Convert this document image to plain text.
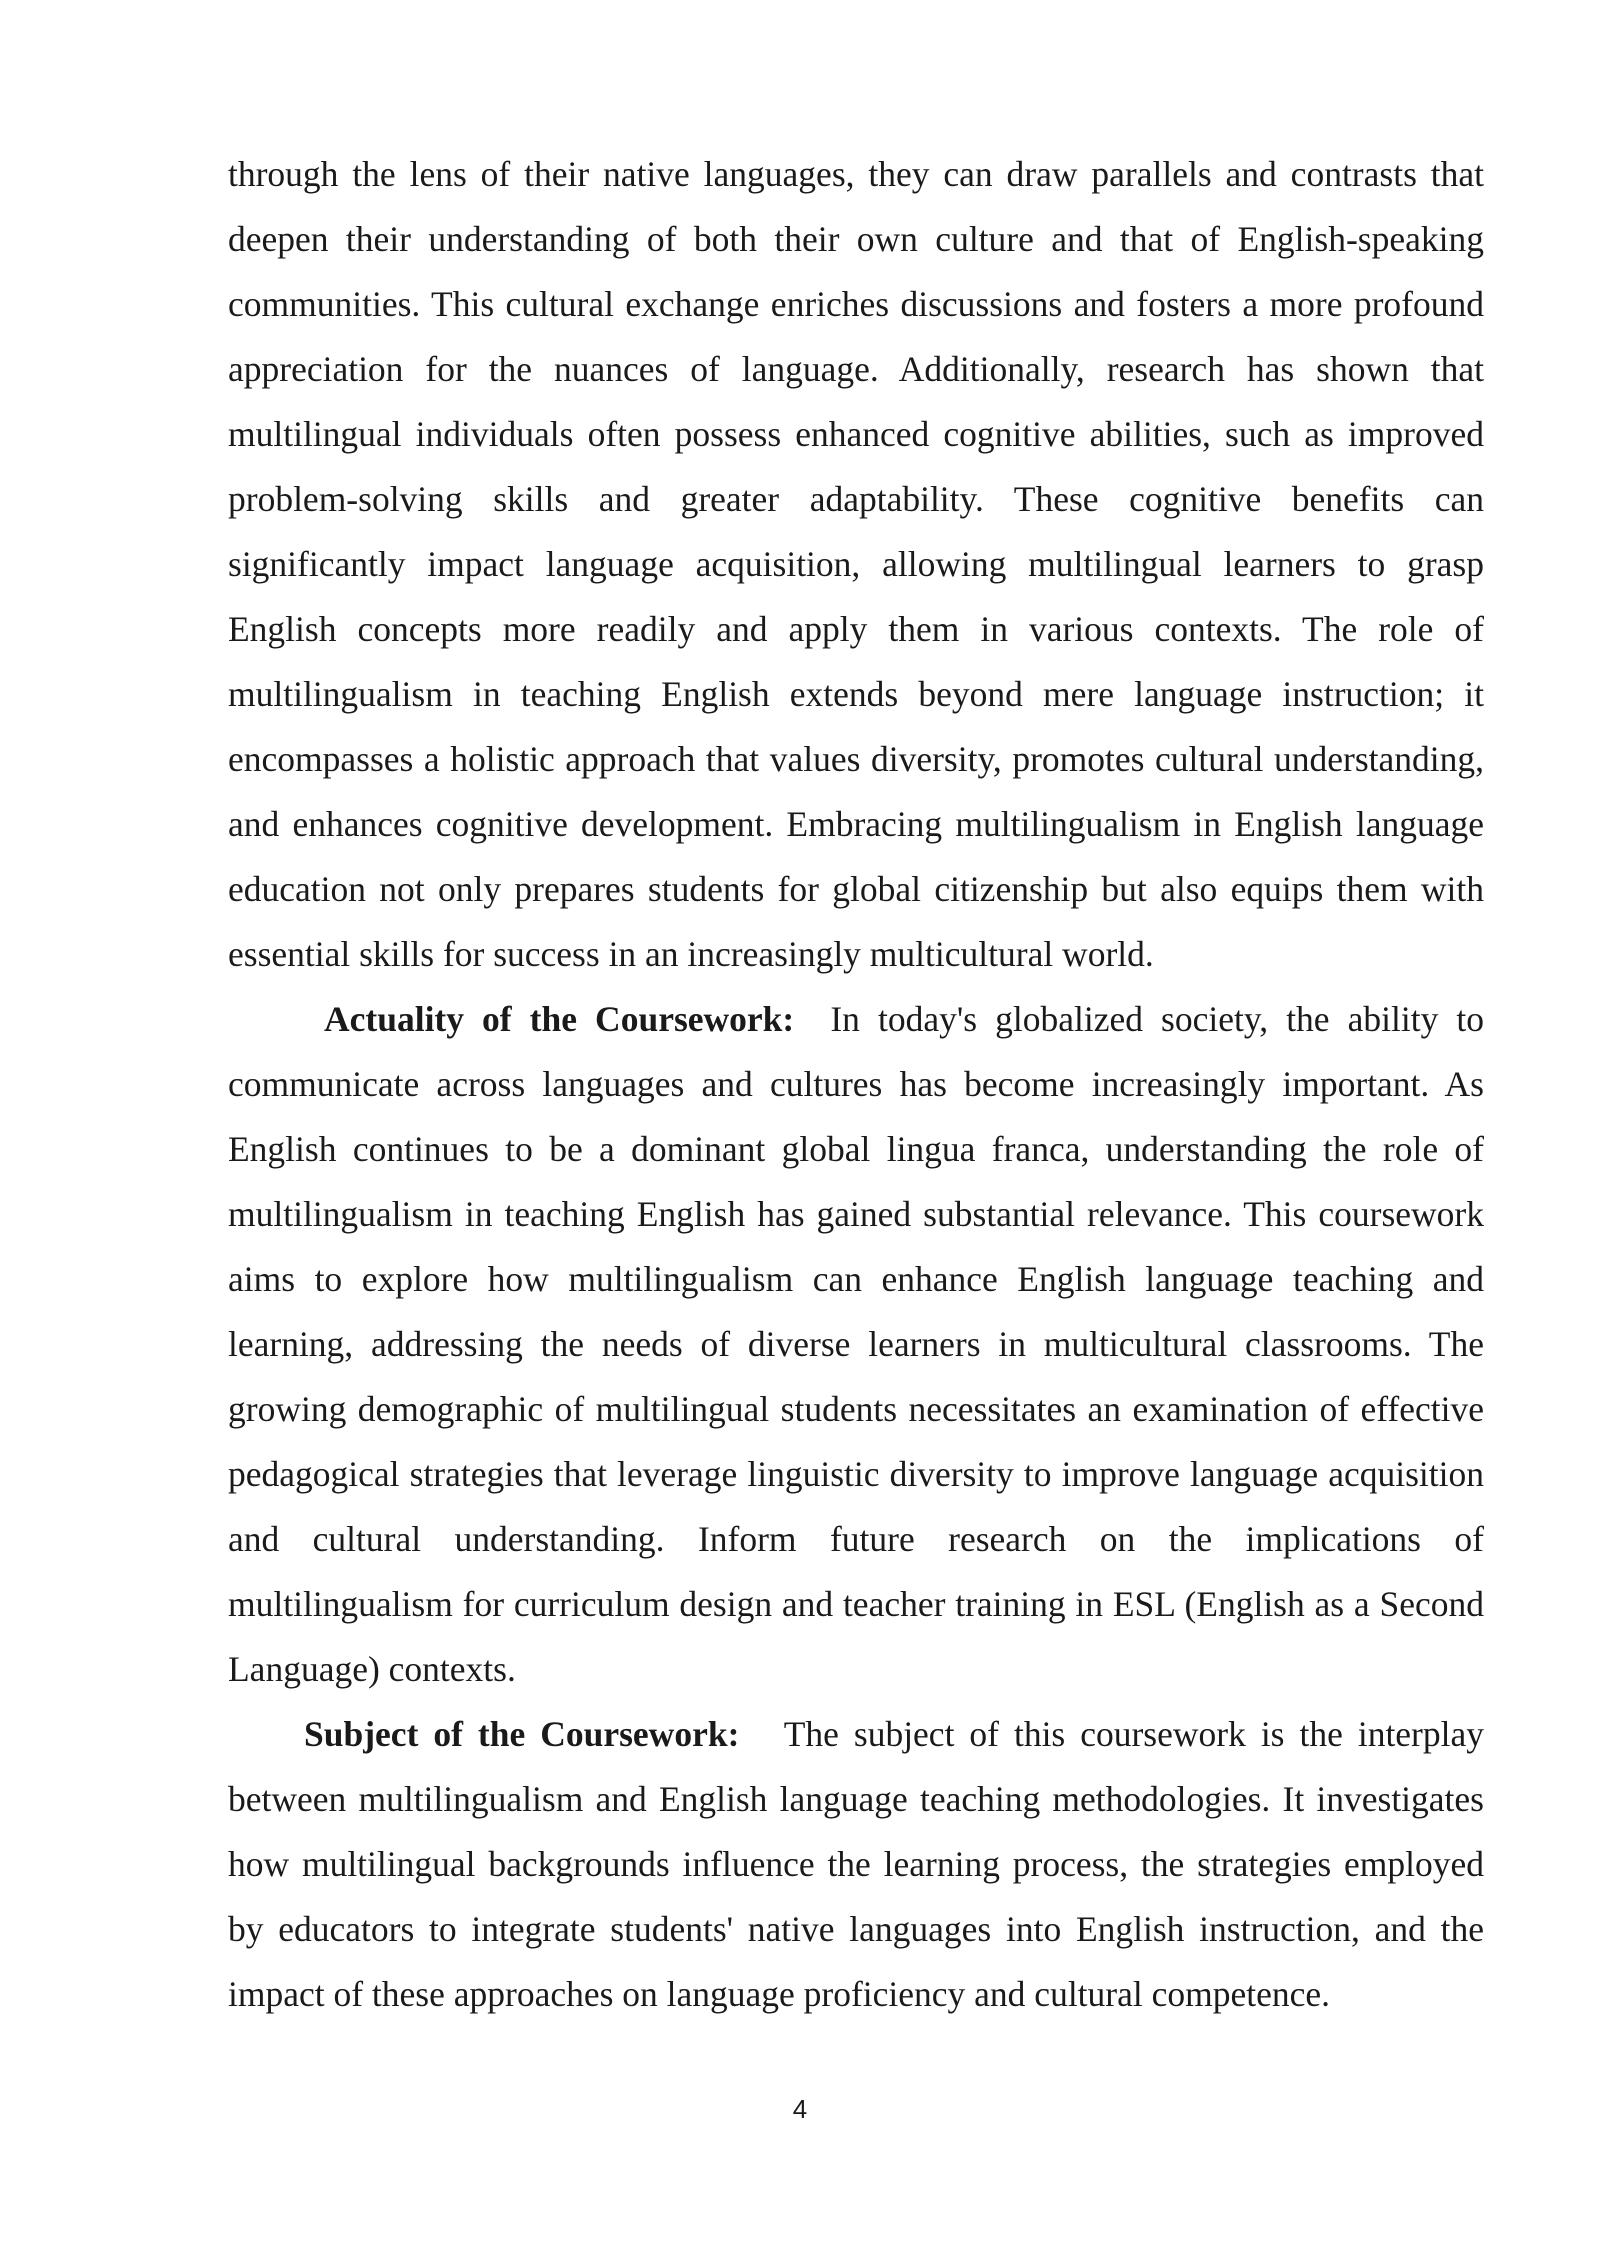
through the lens of their native languages, they can draw parallels and contrasts that deepen their understanding of both their own culture and that of English-speaking communities. This cultural exchange enriches discussions and fosters a more profound appreciation for the nuances of language. Additionally, research has shown that multilingual individuals often possess enhanced cognitive abilities, such as improved problem-solving skills and greater adaptability. These cognitive benefits can significantly impact language acquisition, allowing multilingual learners to grasp English concepts more readily and apply them in various contexts. The role of multilingualism in teaching English extends beyond mere language instruction; it encompasses a holistic approach that values diversity, promotes cultural understanding, and enhances cognitive development. Embracing multilingualism in English language education not only prepares students for global citizenship but also equips them with essential skills for success in an increasingly multicultural world.

Actuality of the Coursework: In today's globalized society, the ability to communicate across languages and cultures has become increasingly important. As English continues to be a dominant global lingua franca, understanding the role of multilingualism in teaching English has gained substantial relevance. This coursework aims to explore how multilingualism can enhance English language teaching and learning, addressing the needs of diverse learners in multicultural classrooms. The growing demographic of multilingual students necessitates an examination of effective pedagogical strategies that leverage linguistic diversity to improve language acquisition and cultural understanding. Inform future research on the implications of multilingualism for curriculum design and teacher training in ESL (English as a Second Language) contexts.

Subject of the Coursework: The subject of this coursework is the interplay between multilingualism and English language teaching methodologies. It investigates how multilingual backgrounds influence the learning process, the strategies employed by educators to integrate students' native languages into English instruction, and the impact of these approaches on language proficiency and cultural competence.

4
